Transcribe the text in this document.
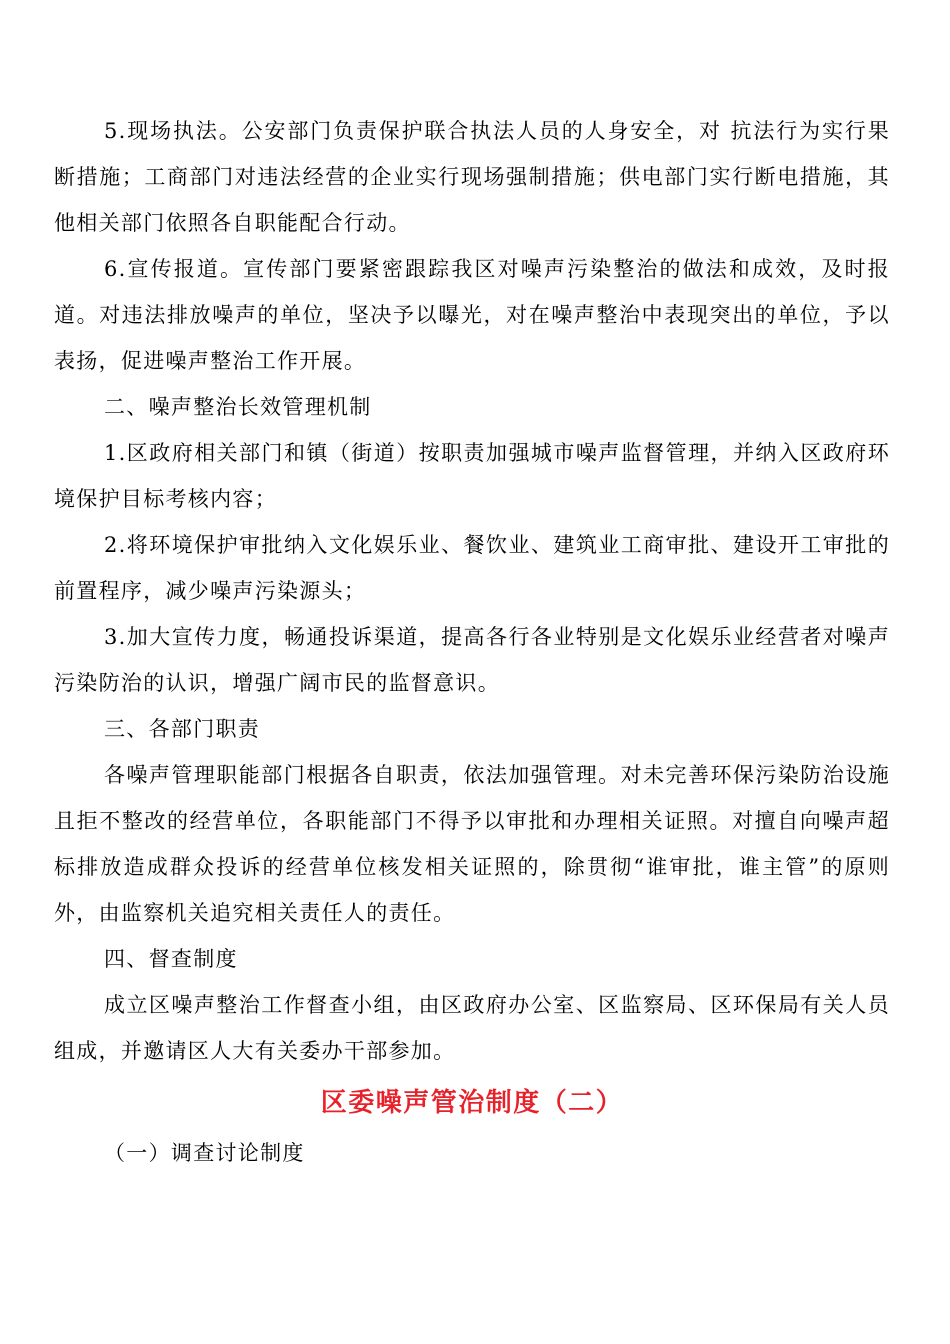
5.现场执法。公安部门负责保护联合执法人员的人身安全，对 抗法行为实行果断措施；工商部门对违法经营的企业实行现场强制措施；供电部门实行断电措施，其他相关部门依照各自职能配合行动。

6.宣传报道。宣传部门要紧密跟踪我区对噪声污染整治的做法和成效，及时报道。对违法排放噪声的单位，坚决予以曝光，对在噪声整治中表现突出的单位，予以表扬，促进噪声整治工作开展。

二、噪声整治长效管理机制

1.区政府相关部门和镇（街道）按职责加强城市噪声监督管理，并纳入区政府环境保护目标考核内容；

2.将环境保护审批纳入文化娱乐业、餐饮业、建筑业工商审批、建设开工审批的前置程序，减少噪声污染源头；

3.加大宣传力度，畅通投诉渠道，提高各行各业特别是文化娱乐业经营者对噪声污染防治的认识，增强广阔市民的监督意识。

三、各部门职责

各噪声管理职能部门根据各自职责，依法加强管理。对未完善环保污染防治设施且拒不整改的经营单位，各职能部门不得予以审批和办理相关证照。对擅自向噪声超标排放造成群众投诉的经营单位核发相关证照的，除贯彻“谁审批，谁主管”的原则外，由监察机关追究相关责任人的责任。

四、督查制度

成立区噪声整治工作督查小组，由区政府办公室、区监察局、区环保局有关人员组成，并邀请区人大有关委办干部参加。

区委噪声管治制度（二）

（一）调查讨论制度
